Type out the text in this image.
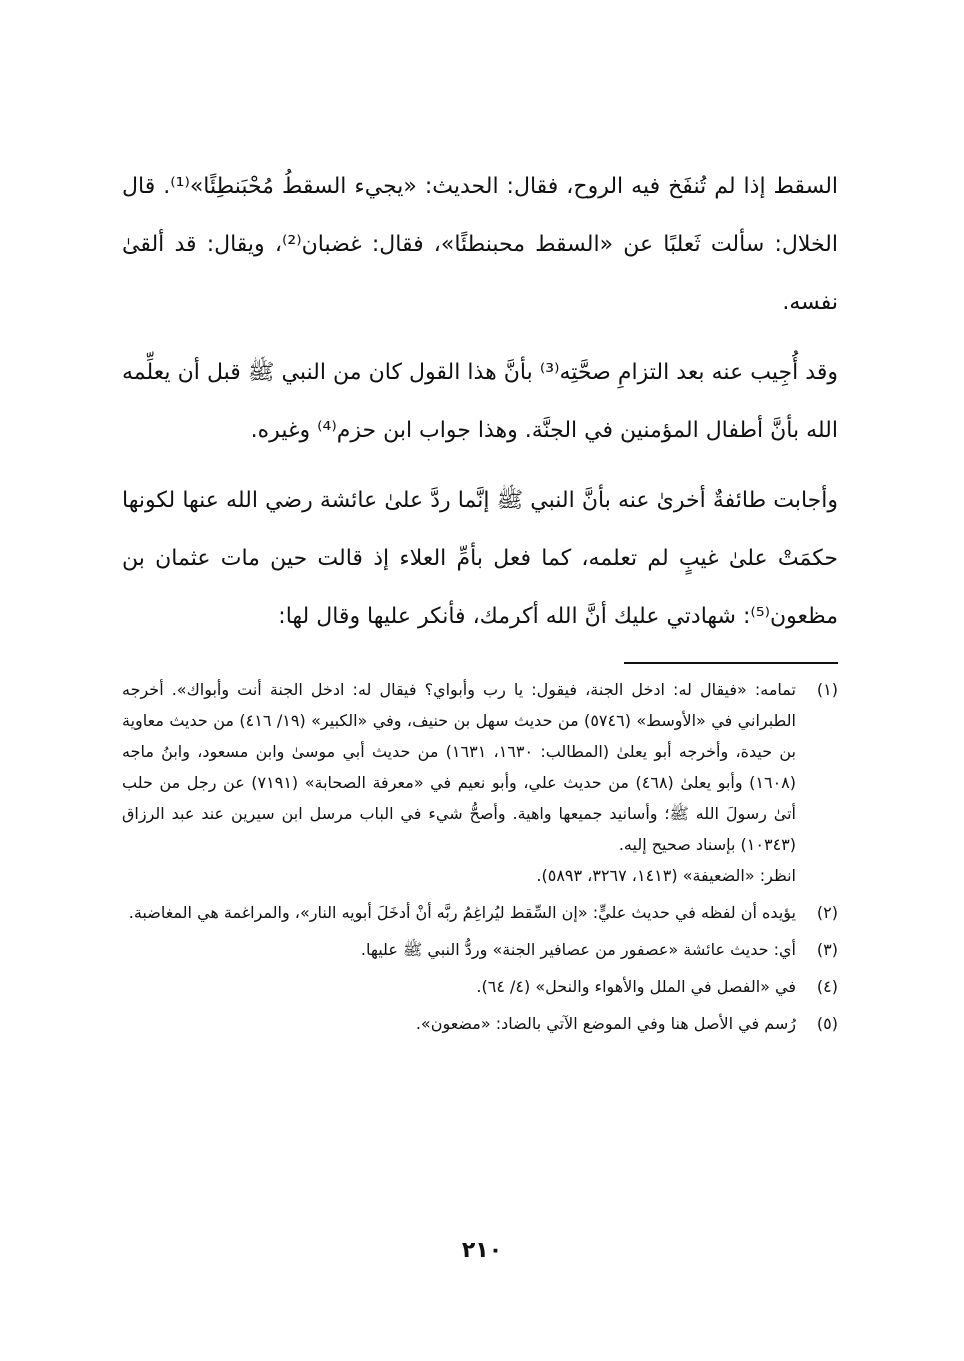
السقط إذا لم تُنفَخ فيه الروح، فقال: الحديث: «يجيء السقطُ مُحْبَنطِئًا»⁽¹⁾. قال الخلال: سألت ثَعلبًا عن «السقط محبنطئًا»، فقال: غضبان⁽²⁾، ويقال: قد ألقىٰ نفسه.

وقد أُجِيب عنه بعد التزامِ صحَّتِه⁽³⁾ بأنَّ هذا القول كان من النبي ﷺ قبل أن يعلِّمه الله بأنَّ أطفال المؤمنين في الجنَّة. وهذا جواب ابن حزم⁽⁴⁾ وغيره.

وأجابت طائفةٌ أخرىٰ عنه بأنَّ النبي ﷺ إنَّما ردَّ علىٰ عائشة رضي الله عنها لكونها حكمَتْ علىٰ غيبٍ لم تعلمه، كما فعل بأمِّ العلاء إذ قالت حين مات عثمان بن مظعون⁽⁵⁾: شهادتي عليك أنَّ الله أكرمك، فأنكر عليها وقال لها:

(١)
تمامه: «فيقال له: ادخل الجنة، فيقول: يا رب وأبواي؟ فيقال له: ادخل الجنة أنت وأبواك». أخرجه الطبراني في «الأوسط» (٥٧٤٦) من حديث سهل بن حنيف، وفي «الكبير» (١٩/ ٤١٦) من حديث معاوية بن حيدة، وأخرجه أبو يعلىٰ (المطالب: ١٦٣٠، ١٦٣١) من حديث أبي موسىٰ وابن مسعود، وابنُ ماجه (١٦٠٨) وأبو يعلىٰ (٤٦٨) من حديث علي، وأبو نعيم في «معرفة الصحابة» (٧١٩١) عن رجل من حلب أتىٰ رسولَ الله ﷺ؛ وأسانيد جميعها واهية. وأصحُّ شيء في الباب مرسل ابن سيرين عند عبد الرزاق (١٠٣٤٣) بإسناد صحيح إليه.
انظر: «الضعيفة» (١٤١٣، ٣٢٦٧، ٥٨٩٣).
(٢)
يؤيده أن لفظه في حديث عليٍّ: «إن السِّقط ليُراغِمُ ربَّه أنْ أدخَلَ أبويه النار»، والمراغمة هي المغاضبة.
(٣)
أي: حديث عائشة «عصفور من عصافير الجنة» وردُّ النبي ﷺ عليها.
(٤)
في «الفصل في الملل والأهواء والنحل» (٤/ ٦٤).
(٥)
رُسم في الأصل هنا وفي الموضع الآتي بالضاد: «مضعون».
٢١٠
